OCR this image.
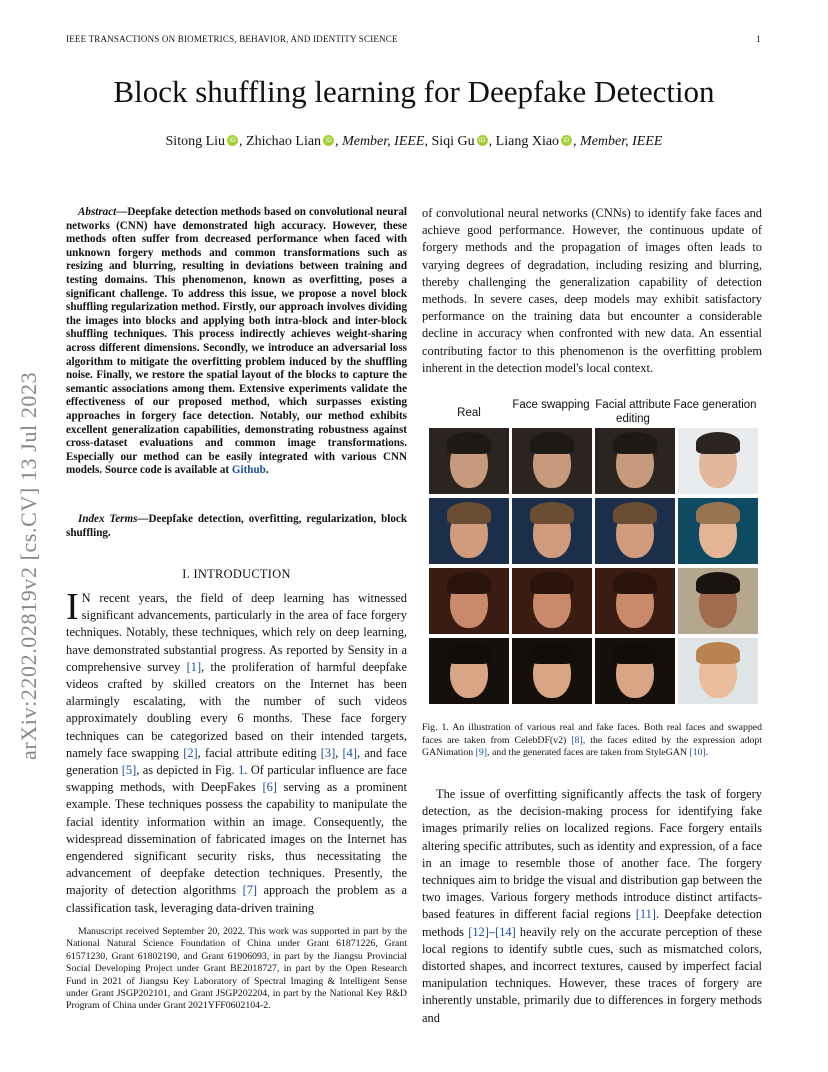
IEEE TRANSACTIONS ON BIOMETRICS, BEHAVIOR, AND IDENTITY SCIENCE	1
Block shuffling learning for Deepfake Detection
Sitong Liu iD , Zhichao Lian iD , Member, IEEE, Siqi Gu iD , Liang Xiao iD , Member, IEEE
arXiv:2202.02819v2 [cs.CV] 13 Jul 2023
Abstract—Deepfake detection methods based on convolutional neural networks (CNN) have demonstrated high accuracy. However, these methods often suffer from decreased performance when faced with unknown forgery methods and common transformations such as resizing and blurring, resulting in deviations between training and testing domains. This phenomenon, known as overfitting, poses a significant challenge. To address this issue, we propose a novel block shuffling regularization method. Firstly, our approach involves dividing the images into blocks and applying both intra-block and inter-block shuffling techniques. This process indirectly achieves weight-sharing across different dimensions. Secondly, we introduce an adversarial loss algorithm to mitigate the overfitting problem induced by the shuffling noise. Finally, we restore the spatial layout of the blocks to capture the semantic associations among them. Extensive experiments validate the effectiveness of our proposed method, which surpasses existing approaches in forgery face detection. Notably, our method exhibits excellent generalization capabilities, demonstrating robustness against cross-dataset evaluations and common image transformations. Especially our method can be easily integrated with various CNN models. Source code is available at Github.
Index Terms—Deepfake detection, overfitting, regularization, block shuffling.
I. INTRODUCTION
I N recent years, the field of deep learning has witnessed significant advancements, particularly in the area of face forgery techniques. Notably, these techniques, which rely on deep learning, have demonstrated substantial progress. As reported by Sensity in a comprehensive survey [1], the proliferation of harmful deepfake videos crafted by skilled creators on the Internet has been alarmingly escalating, with the number of such videos approximately doubling every 6 months. These face forgery techniques can be categorized based on their intended targets, namely face swapping [2], facial attribute editing [3], [4], and face generation [5], as depicted in Fig. 1. Of particular influence are face swapping methods, with DeepFakes [6] serving as a prominent example. These techniques possess the capability to manipulate the facial identity information within an image. Consequently, the widespread dissemination of fabricated images on the Internet has engendered significant security risks, thus necessitating the advancement of deepfake detection techniques. Presently, the majority of detection algorithms [7] approach the problem as a classification task, leveraging data-driven training
Manuscript received September 20, 2022. This work was supported in part by the National Natural Science Foundation of China under Grant 61871226, Grant 61571230, Grant 61802190, and Grant 61906093, in part by the Jiangsu Provincial Social Developing Project under Grant BE2018727, in part by the Open Research Fund in 2021 of Jiangsu Key Laboratory of Spectral Imaging & Intelligent Sense under Grant JSGP202101, and Grant JSGP202204, in part by the National Key R&D Program of China under Grant 2021YFF0602104-2.
of convolutional neural networks (CNNs) to identify fake faces and achieve good performance. However, the continuous update of forgery methods and the propagation of images often leads to varying degrees of degradation, including resizing and blurring, thereby challenging the generalization capability of detection methods. In severe cases, deep models may exhibit satisfactory performance on the training data but encounter a considerable decline in accuracy when confronted with new data. An essential contributing factor to this phenomenon is the overfitting problem inherent in the detection model's local context.
Real
Face swapping Facial attribute editing
Face generation
Fig. 1. An illustration of various real and fake faces. Both real faces and swapped faces are taken from CelebDF(v2) [8], the faces edited by the expression adopt GANimation [9], and the generated faces are taken from StyleGAN [10].
The issue of overfitting significantly affects the task of forgery detection, as the decision-making process for identifying fake images primarily relies on localized regions. Face forgery entails altering specific attributes, such as identity and expression, of a face in an image to resemble those of another face. The forgery techniques aim to bridge the visual and distribution gap between the two images. Various forgery methods introduce distinct artifacts-based features in different facial regions [11]. Deepfake detection methods [12]–[14] heavily rely on the accurate perception of these local regions to identify subtle cues, such as mismatched colors, distorted shapes, and incorrect textures, caused by imperfect facial manipulation techniques. However, these traces of forgery are inherently unstable, primarily due to differences in forgery methods and
